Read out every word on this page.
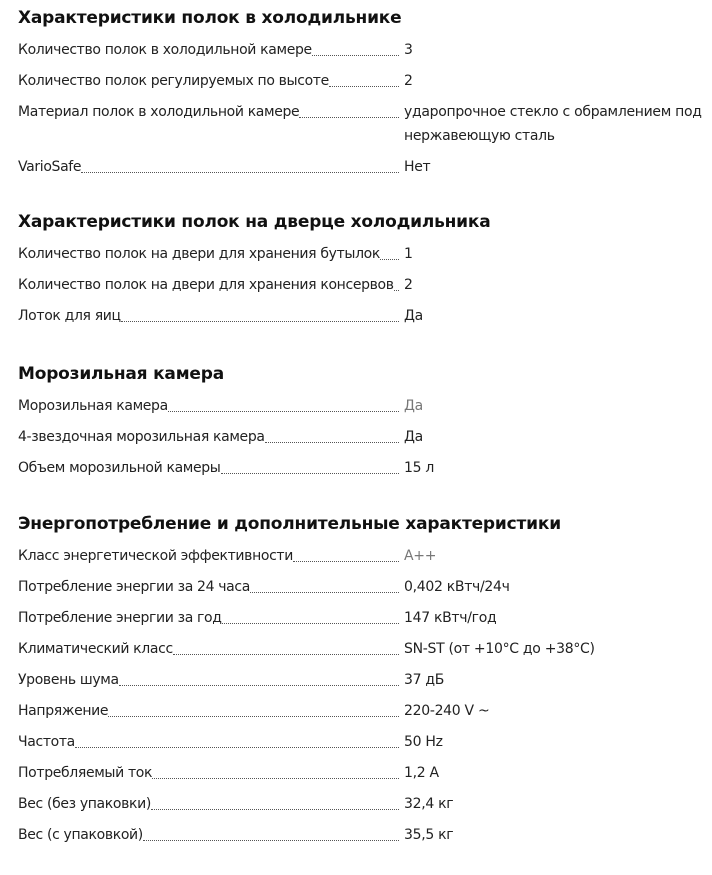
Характеристики полок в холодильнике
Количество полок в холодильной камере	3
Количество полок регулируемых по высоте	2
Материал полок в холодильной камере	ударопрочное стекло с обрамлением под нержавеющую сталь
VarioSafe	Нет
Характеристики полок на дверце холодильника
Количество полок на двери для хранения бутылок 1
Количество полок на двери для хранения консервов 2
Лоток для яиц	Да
Морозильная камера
Морозильная камера	Да
4-звездочная морозильная камера	Да
Объем морозильной камеры	15 л
Энергопотребление и дополнительные характеристики
Класс энергетической эффективности	A++
Потребление энергии за 24 часа	0,402 кВтч/24ч
Потребление энергии за год	147 кВтч/год
Климатический класс	SN-ST (от +10°C до +38°C)
Уровень шума	37 дБ
Напряжение	220-240 V ~
Частота	50 Hz
Потребляемый ток	1,2 A
Вес (без упаковки)	32,4 кг
Вес (с упаковкой)	35,5 кг
